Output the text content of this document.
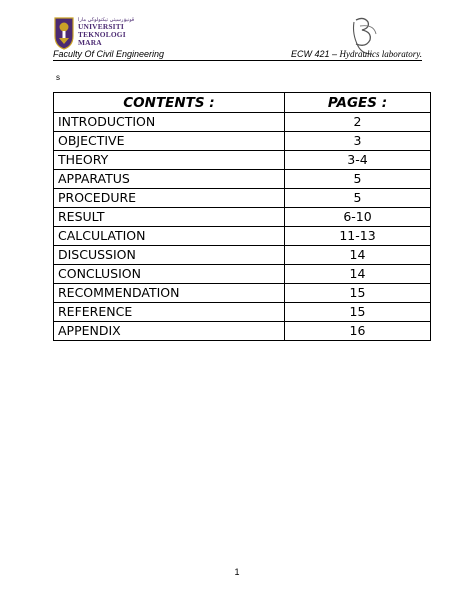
ڤونيۏرسيتي تيكنولوڬي مارا
UNIVERSITI
TEKNOLOGI
MARA
Faculty Of Civil Engineering	ECW 421 – Hydraulics laboratory.
s
CONTENTS :	PAGES :
INTRODUCTION	2
OBJECTIVE	3
THEORY	3-4
APPARATUS	5
PROCEDURE	5
RESULT	6-10
CALCULATION	11-13
DISCUSSION	14
CONCLUSION	14
RECOMMENDATION	15
REFERENCE	15
APPENDIX	16
1
